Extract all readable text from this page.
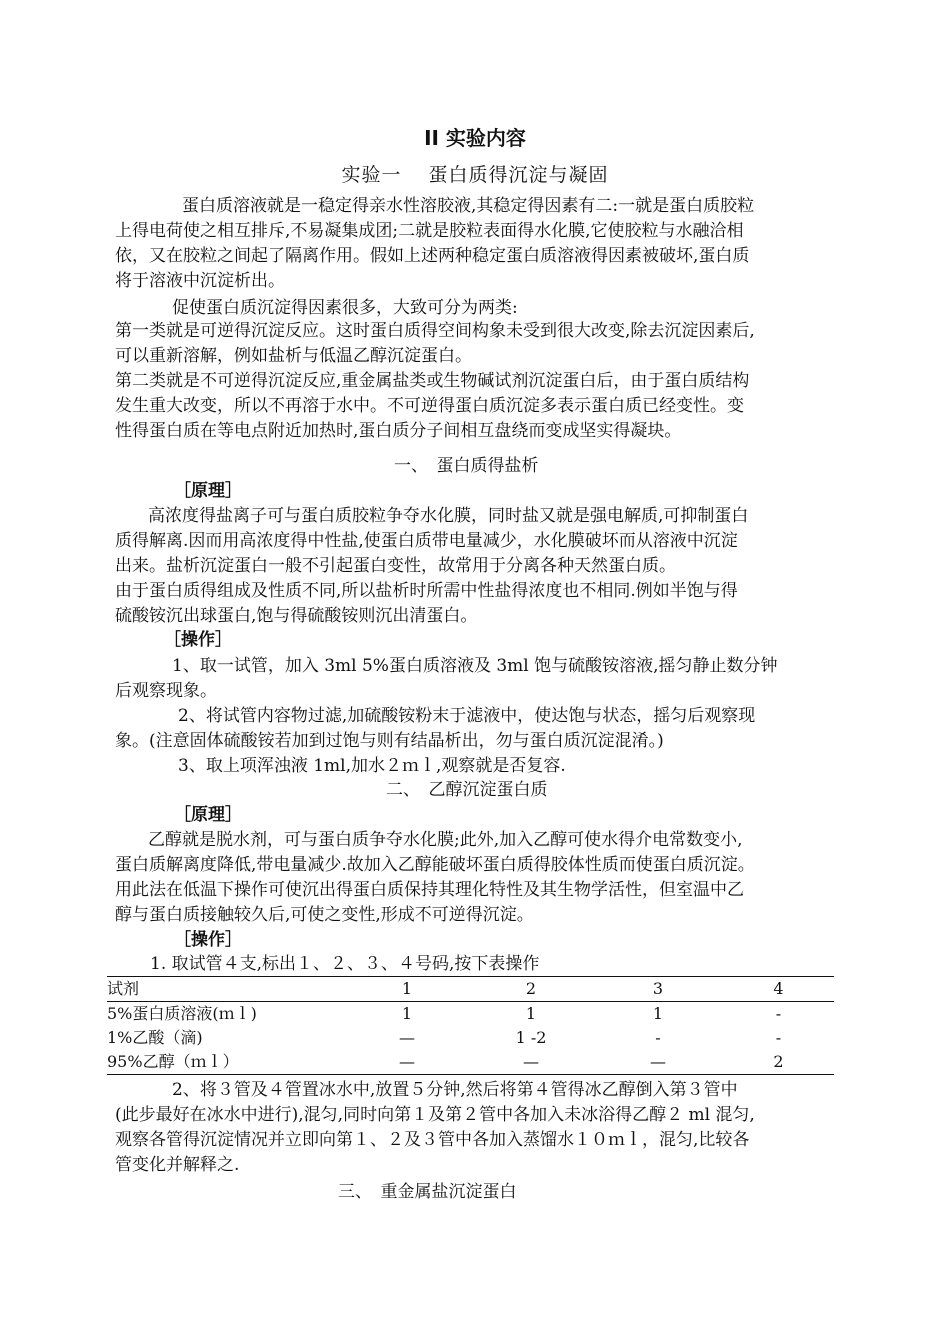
II 实验内容
实验一　 蛋白质得沉淀与凝固
蛋白质溶液就是一稳定得亲水性溶胶液,其稳定得因素有二:一就是蛋白质胶粒
上得电荷使之相互排斥,不易凝集成团;二就是胶粒表面得水化膜,它使胶粒与水融洽相
依，又在胶粒之间起了隔离作用。假如上述两种稳定蛋白质溶液得因素被破坏,蛋白质
将于溶液中沉淀析出。
促使蛋白质沉淀得因素很多，大致可分为两类:
第一类就是可逆得沉淀反应。这时蛋白质得空间构象未受到很大改变,除去沉淀因素后,
可以重新溶解，例如盐析与低温乙醇沉淀蛋白。
第二类就是不可逆得沉淀反应,重金属盐类或生物碱试剂沉淀蛋白后，由于蛋白质结构
发生重大改变，所以不再溶于水中。不可逆得蛋白质沉淀多表示蛋白质已经变性。变
性得蛋白质在等电点附近加热时,蛋白质分子间相互盘绕而变成坚实得凝块。
一、　蛋白质得盐析
［原理］
高浓度得盐离子可与蛋白质胶粒争夺水化膜，同时盐又就是强电解质,可抑制蛋白
质得解离.因而用高浓度得中性盐,使蛋白质带电量减少，水化膜破坏而从溶液中沉淀
出来。盐析沉淀蛋白一般不引起蛋白变性，故常用于分离各种天然蛋白质。
由于蛋白质得组成及性质不同,所以盐析时所需中性盐得浓度也不相同.例如半饱与得
硫酸铵沉出球蛋白,饱与得硫酸铵则沉出清蛋白。
［操作］
1、取一试管，加入 3ml 5%蛋白质溶液及 3ml 饱与硫酸铵溶液,摇匀静止数分钟
后观察现象。
2、将试管内容物过滤,加硫酸铵粉末于滤液中，使达饱与状态，摇匀后观察现
象。(注意固体硫酸铵若加到过饱与则有结晶析出，勿与蛋白质沉淀混淆。)
3、取上项浑浊液 1ml,加水２ｍｌ,观察就是否复容.
二、　乙醇沉淀蛋白质
［原理］
乙醇就是脱水剂，可与蛋白质争夺水化膜;此外,加入乙醇可使水得介电常数变小,
蛋白质解离度降低,带电量减少.故加入乙醇能破坏蛋白质得胶体性质而使蛋白质沉淀。
用此法在低温下操作可使沉出得蛋白质保持其理化特性及其生物学活性，但室温中乙
醇与蛋白质接触较久后,可使之变性,形成不可逆得沉淀。
［操作］
1. 取试管４支,标出１、２、３、４号码,按下表操作
试剂	1	2	3	4
5%蛋白质溶液(ｍｌ)	1	1	1	-
1%乙酸（滴)	—	1 -2	-	-
95%乙醇（ｍｌ）	—	—	—	2
2、将３管及４管置冰水中,放置５分钟,然后将第４管得冰乙醇倒入第３管中
(此步最好在冰水中进行),混匀,同时向第１及第２管中各加入未冰浴得乙醇２ ml 混匀,
观察各管得沉淀情况并立即向第１、２及３管中各加入蒸馏水１０ｍｌ，混匀,比较各
管变化并解释之.
三、　重金属盐沉淀蛋白
